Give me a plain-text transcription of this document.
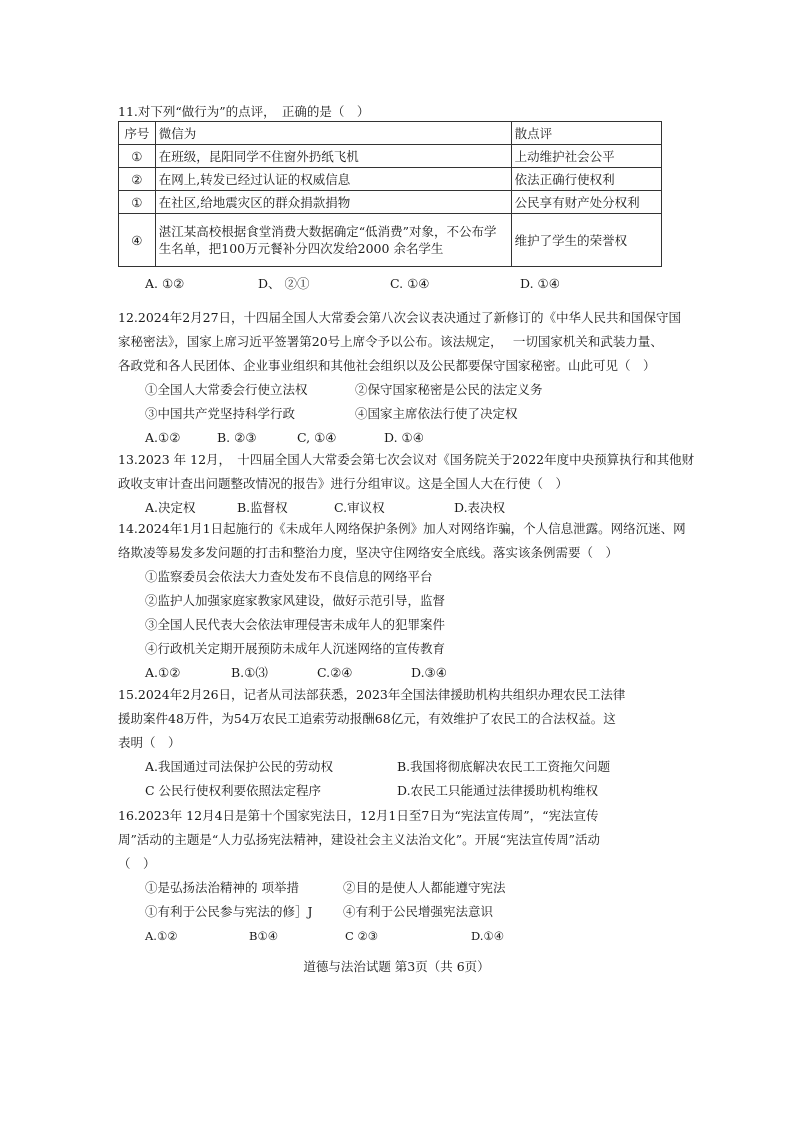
11.对下列“做行为”的点评，　正确的是（　）
序号	微信为	散点评
①	在班级，昆阳同学不住窗外扔纸飞机	上动维护社会公平
②	在网上,转发已经过认证的权威信息	依法正确行使权利
①	在社区,给地震灾区的群众捐款捐物	公民享有财产处分权利
④	湛江某高校根据食堂消费大数据确定“低消费”对象，不公布学生名单，把100万元餐补分四次发给2000 余名学生	维护了学生的荣誉权
A. ①②	D、 ②①	C. ①④	D. ①④
12.2024年2月27日，十四届全国人大常委会第八次会议表决通过了新修订的《中华人民共和国保守国
家秘密法》，国家上席习近平签署第20号上席令予以公布。该法规定，　 一切国家机关和武装力量、
各政党和各人民团体、企业事业组织和其他社会组织以及公民都要保守国家秘密。山此可见（　）
①全国人大常委会行使立法权	②保守国家秘密是公民的法定义务
③中国共产党坚持科学行政	④国家主席依法行使了决定权
A.①②	B. ②③	C, ①④	D. ①④
13.2023 年 12月，　十四届全国人大常委会第七次会议对《国务院关于2022年度中央预算执行和其他财
政收支审计查出问题整改情况的报告》进行分组审议。这是全国人大在行使（　）
A.决定权	B.监督权	C.审议权	D.表决权
14.2024年1月1日起施行的《未成年人网络保护条例》加人对网络诈骗，个人信息泄露。网络沉迷、网
络欺凌等易发多发问题的打击和整治力度，坚决守住网络安全底线。落实该条例需要（　）
①监察委员会依法大力查处发布不良信息的网络平台
②监护人加强家庭家教家风建设，做好示范引导，监督
③全国人民代表大会依法审理侵害未成年人的犯罪案件
④行政机关定期开展预防未成年人沉迷网络的宣传教育
A.①②	B.①⑶	C.②④	D.③④
15.2024年2月26日，记者从司法部获悉，2023年全国法律援助机构共组织办理农民工法律
援助案件48万件，为54万农民工追索劳动报酬68亿元，有效维护了农民工的合法权益。这
表明（　）
A.我国通过司法保护公民的劳动权	B.我国将彻底解决农民工工资拖欠问题
C 公民行使权利要依照法定程序	D.农民工只能通过法律援助机构维权
16.2023年 12月4日是第十个国家宪法日，12月1日至7日为“宪法宣传周”，“宪法宣传
周”活动的主题是“人力弘扬宪法精神，建设社会主义法治文化”。开展“宪法宣传周”活动
（　）
①是弘扬法治精神的 项举措	②目的是使人人都能遵守宪法
①有利于公民参与宪法的修］J ④有利于公民增强宪法意识
A.①②	B①④	C ②③	D.①④
道德与法治试题 第3页（共 6页）
